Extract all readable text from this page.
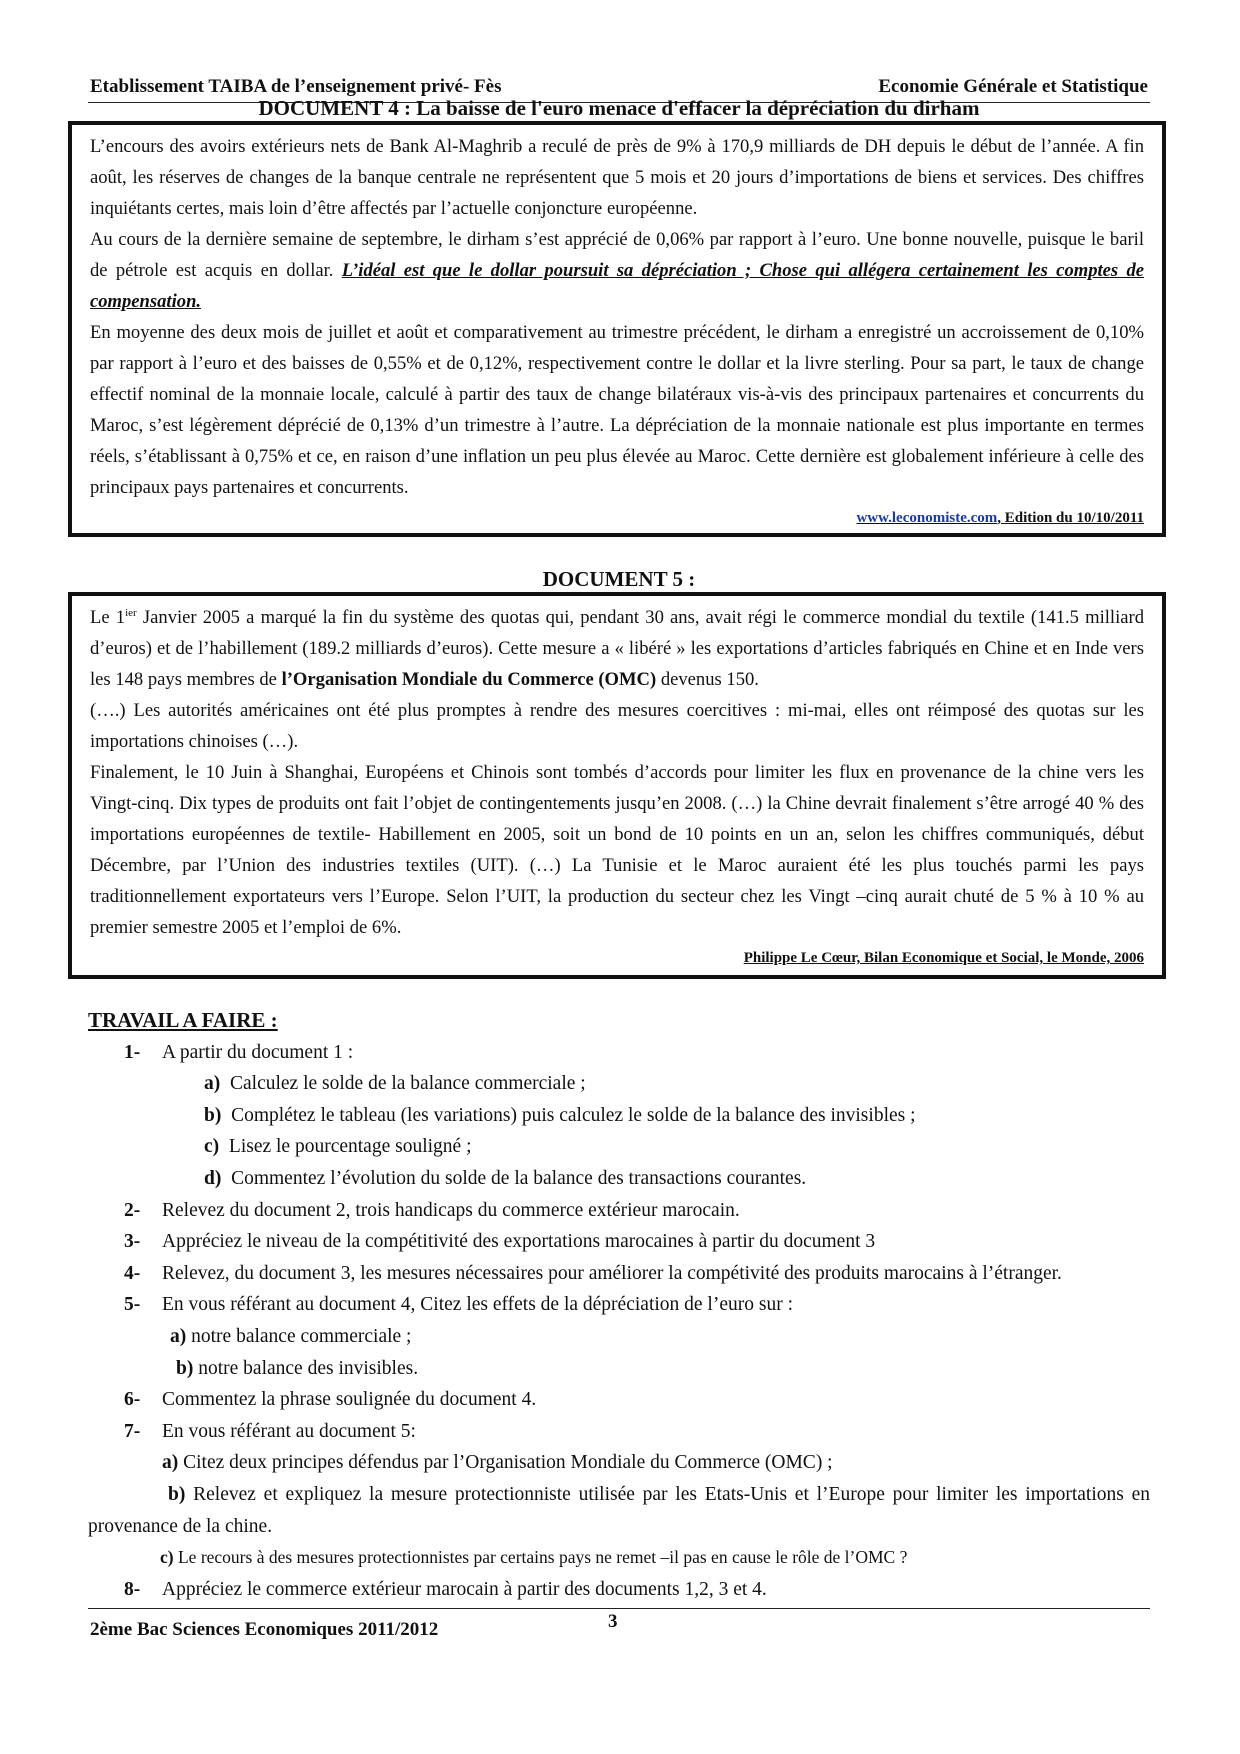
Etablissement TAIBA de l’enseignement privé- Fès	Economie Générale et Statistique
DOCUMENT 4 : La baisse de l'euro menace d'effacer la dépréciation du dirham

L’encours des avoirs extérieurs nets de Bank Al-Maghrib a reculé de près de 9% à 170,9 milliards de DH depuis le début de l’année. A fin août, les réserves de changes de la banque centrale ne représentent que 5 mois et 20 jours d’importations de biens et services. Des chiffres inquiétants certes, mais loin d’être affectés par l’actuelle conjoncture européenne.

Au cours de la dernière semaine de septembre, le dirham s’est apprécié de 0,06% par rapport à l’euro. Une bonne nouvelle, puisque le baril de pétrole est acquis en dollar. L’idéal est que le dollar poursuit sa dépréciation ; Chose qui allégera certainement les comptes de compensation.

En moyenne des deux mois de juillet et août et comparativement au trimestre précédent, le dirham a enregistré un accroissement de 0,10% par rapport à l’euro et des baisses de 0,55% et de 0,12%, respectivement contre le dollar et la livre sterling. Pour sa part, le taux de change effectif nominal de la monnaie locale, calculé à partir des taux de change bilatéraux vis-à-vis des principaux partenaires et concurrents du Maroc, s’est légèrement déprécié de 0,13% d’un trimestre à l’autre. La dépréciation de la monnaie nationale est plus importante en termes réels, s’établissant à 0,75% et ce, en raison d’une inflation un peu plus élevée au Maroc. Cette dernière est globalement inférieure à celle des principaux pays partenaires et concurrents.

www.leconomiste.com, Edition du 10/10/2011
DOCUMENT 5 :

Le $1^{ier}$ Janvier 2005 a marqué la fin du système des quotas qui, pendant 30 ans, avait régi le commerce mondial du textile (141.5 milliard d’euros) et de l’habillement (189.2 milliards d’euros). Cette mesure a « libéré » les exportations d’articles fabriqués en Chine et en Inde vers les 148 pays membres de l’Organisation Mondiale du Commerce (OMC) devenus 150.

(….) Les autorités américaines ont été plus promptes à rendre des mesures coercitives : mi-mai, elles ont réimposé des quotas sur les importations chinoises (…).

Finalement, le 10 Juin à Shanghai, Européens et Chinois sont tombés d’accords pour limiter les flux en provenance de la chine vers les Vingt-cinq. Dix types de produits ont fait l’objet de contingentements jusqu’en 2008. (…) la Chine devrait finalement s’être arrogé 40 % des importations européennes de textile- Habillement en 2005, soit un bond de 10 points en un an, selon les chiffres communiqués, début Décembre, par l’Union des industries textiles (UIT). (…) La Tunisie et le Maroc auraient été les plus touchés parmi les pays traditionnellement exportateurs vers l’Europe. Selon l’UIT, la production du secteur chez les Vingt –cinq aurait chuté de 5 % à 10 % au premier semestre 2005 et l’emploi de 6%.

Philippe Le Cœur, Bilan Economique et Social, le Monde, 2006
TRAVAIL A FAIRE :
1- A partir du document 1 :
a) Calculez le solde de la balance commerciale ;
b) Complétez le tableau (les variations) puis calculez le solde de la balance des invisibles ;
c) Lisez le pourcentage souligné ;
d) Commentez l’évolution du solde de la balance des transactions courantes.
2- Relevez du document 2, trois handicaps du commerce extérieur marocain.
3- Appréciez le niveau de la compétitivité des exportations marocaines à partir du document 3
4- Relevez, du document 3, les mesures nécessaires pour améliorer la compétivité des produits marocains à l’étranger.
5- En vous référant au document 4, Citez les effets de la dépréciation de l’euro sur :
a) notre balance commerciale ;
b) notre balance des invisibles.
6- Commentez la phrase soulignée du document 4.
7- En vous référant au document 5:
a) Citez deux principes défendus par l’Organisation Mondiale du Commerce (OMC) ;
b) Relevez et expliquez la mesure protectionniste utilisée par les Etats-Unis et l’Europe pour limiter les importations en provenance de la chine.
c) Le recours à des mesures protectionnistes par certains pays ne remet –il pas en cause le rôle de l’OMC ?
8- Appréciez le commerce extérieur marocain à partir des documents 1,2, 3 et 4.
2ème Bac Sciences Economiques 2011/2012	3
